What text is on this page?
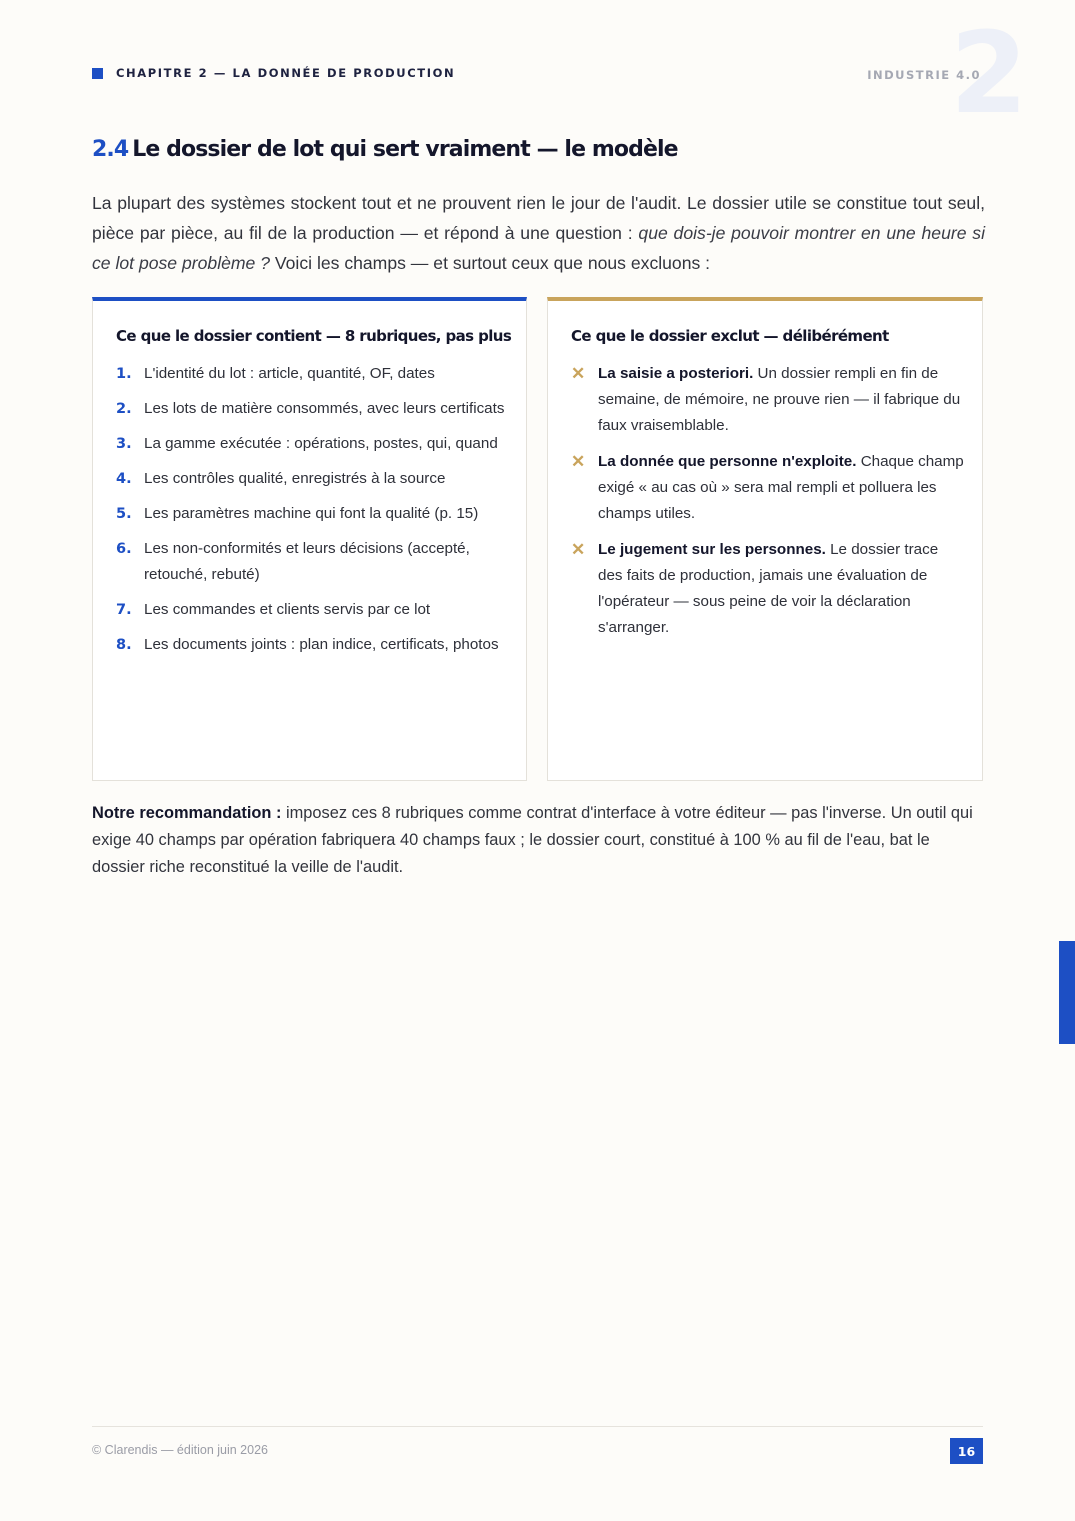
CHAPITRE 2 — LA DONNÉE DE PRODUCTION	2
INDUSTRIE 4.0
2.4 Le dossier de lot qui sert vraiment — le modèle

La plupart des systèmes stockent tout et ne prouvent rien le jour de l'audit. Le dossier utile se constitue tout seul, pièce par pièce, au fil de la production — et répond à une question : que dois-je pouvoir montrer en une heure si ce lot pose problème ? Voici les champs — et surtout ceux que nous excluons :

Ce que le dossier contient — 8 rubriques, pas plus
1. L'identité du lot : article, quantité, OF, dates
2. Les lots de matière consommés, avec leurs certificats
3. La gamme exécutée : opérations, postes, qui, quand
4. Les contrôles qualité, enregistrés à la source
5. Les paramètres machine qui font la qualité (p. 15)
6. Les non-conformités et leurs décisions (accepté, retouché, rebuté)
7. Les commandes et clients servis par ce lot
8. Les documents joints : plan indice, certificats, photos
Ce que le dossier exclut — délibérément
✕ La saisie a posteriori. Un dossier rempli en fin de semaine, de mémoire, ne prouve rien — il fabrique du faux vraisemblable.
✕ La donnée que personne n'exploite. Chaque champ exigé « au cas où » sera mal rempli et polluera les champs utiles.
✕ Le jugement sur les personnes. Le dossier trace des faits de production, jamais une évaluation de l'opérateur — sous peine de voir la déclaration s'arranger.

Notre recommandation : imposez ces 8 rubriques comme contrat d'interface à votre éditeur — pas l'inverse. Un outil qui exige 40 champs par opération fabriquera 40 champs faux ; le dossier court, constitué à 100 % au fil de l'eau, bat le dossier riche reconstitué la veille de l'audit.

© Clarendis — édition juin 2026	16
